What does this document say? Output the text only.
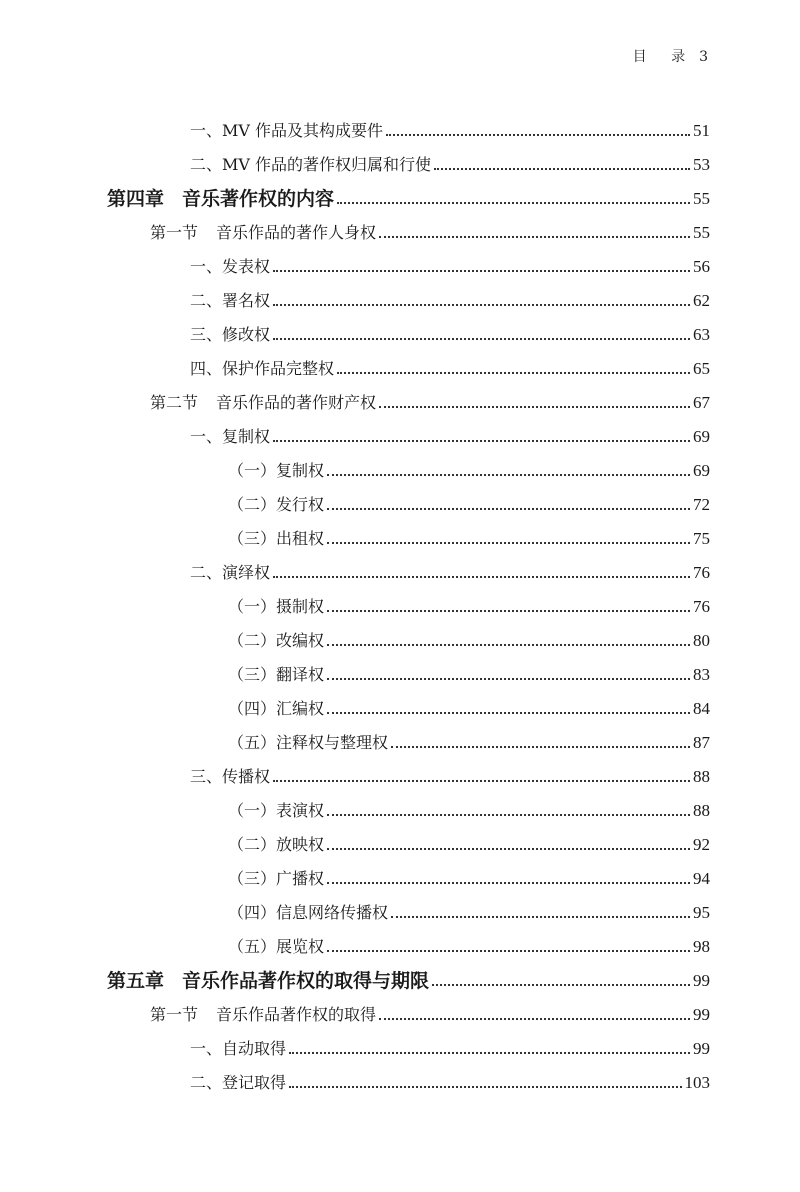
目 录 3
一、MV 作品及其构成要件	51
二、MV 作品的著作权归属和行使	53
第四章 音乐著作权的内容	55
第一节 音乐作品的著作人身权	55
一、发表权	56
二、署名权	62
三、修改权	63
四、保护作品完整权	65
第二节 音乐作品的著作财产权	67
一、复制权	69
（一）复制权	69
（二）发行权	72
（三）出租权	75
二、演绎权	76
（一）摄制权	76
（二）改编权	80
（三）翻译权	83
（四）汇编权	84
（五）注释权与整理权	87
三、传播权	88
（一）表演权	88
（二）放映权	92
（三）广播权	94
（四）信息网络传播权	95
（五）展览权	98
第五章 音乐作品著作权的取得与期限	99
第一节 音乐作品著作权的取得	99
一、自动取得	99
二、登记取得	103
